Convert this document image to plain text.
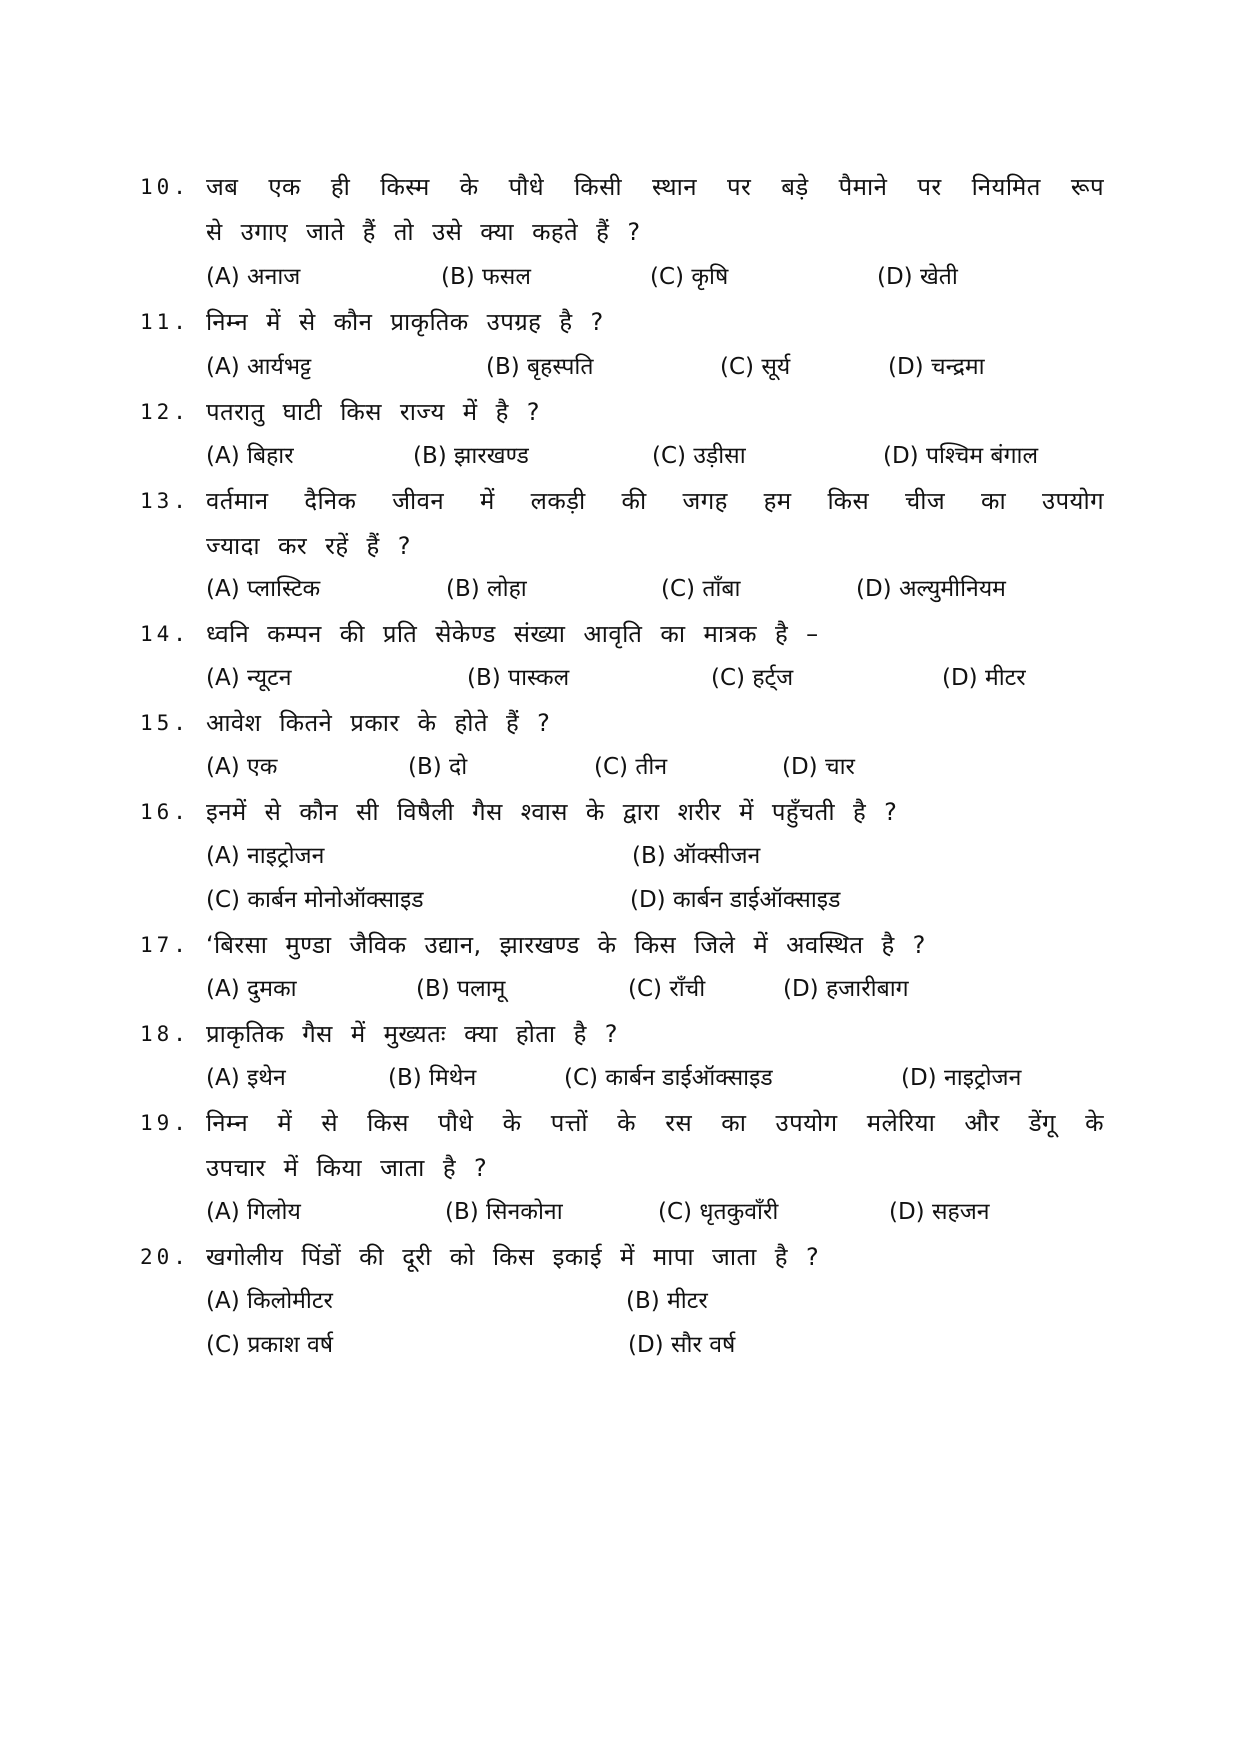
10. जब एक ही किस्म के पौधे किसी स्थान पर बड़े पैमाने पर नियमित रूप
से उगाए जाते हैं तो उसे क्या कहते हैं ?
(A) अनाज	(B) फसल	(C) कृषि	(D) खेती
11. निम्न में से कौन प्राकृतिक उपग्रह है ?
(A) आर्यभट्ट	(B) बृहस्पति	(C) सूर्य	(D) चन्द्रमा
12. पतरातु घाटी किस राज्य में है ?
(A) बिहार	(B) झारखण्ड	(C) उड़ीसा	(D) पश्चिम बंगाल
13. वर्तमान दैनिक जीवन में लकड़ी की जगह हम किस चीज का उपयोग
ज्यादा कर रहें हैं ?
(A) प्लास्टिक	(B) लोहा	(C) ताँबा	(D) अल्युमीनियम
14. ध्वनि कम्पन की प्रति सेकेण्ड संख्या आवृति का मात्रक है –
(A) न्यूटन	(B) पास्कल	(C) हर्ट्ज	(D) मीटर
15. आवेश कितने प्रकार के होते हैं ?
(A) एक	(B) दो	(C) तीन	(D) चार
16. इनमें से कौन सी विषैली गैस श्वास के द्वारा शरीर में पहुँचती है ?
(A) नाइट्रोजन	(B) ऑक्सीजन
(C) कार्बन मोनोऑक्साइड	(D) कार्बन डाईऑक्साइड
17. ‘बिरसा मुण्डा जैविक उद्यान, झारखण्ड के किस जिले में अवस्थित है ?
(A) दुमका	(B) पलामू	(C) राँची	(D) हजारीबाग
18. प्राकृतिक गैस में मुख्यतः क्या होता है ?
(A) इथेन	(B) मिथेन	(C) कार्बन डाईऑक्साइड	(D) नाइट्रोजन
19. निम्न में से किस पौधे के पत्तों के रस का उपयोग मलेरिया और डेंगू के
उपचार में किया जाता है ?
(A) गिलोय	(B) सिनकोना	(C) धृतकुवाँरी	(D) सहजन
20. खगोलीय पिंडों की दूरी को किस इकाई में मापा जाता है ?
(A) किलोमीटर	(B) मीटर
(C) प्रकाश वर्ष	(D) सौर वर्ष
